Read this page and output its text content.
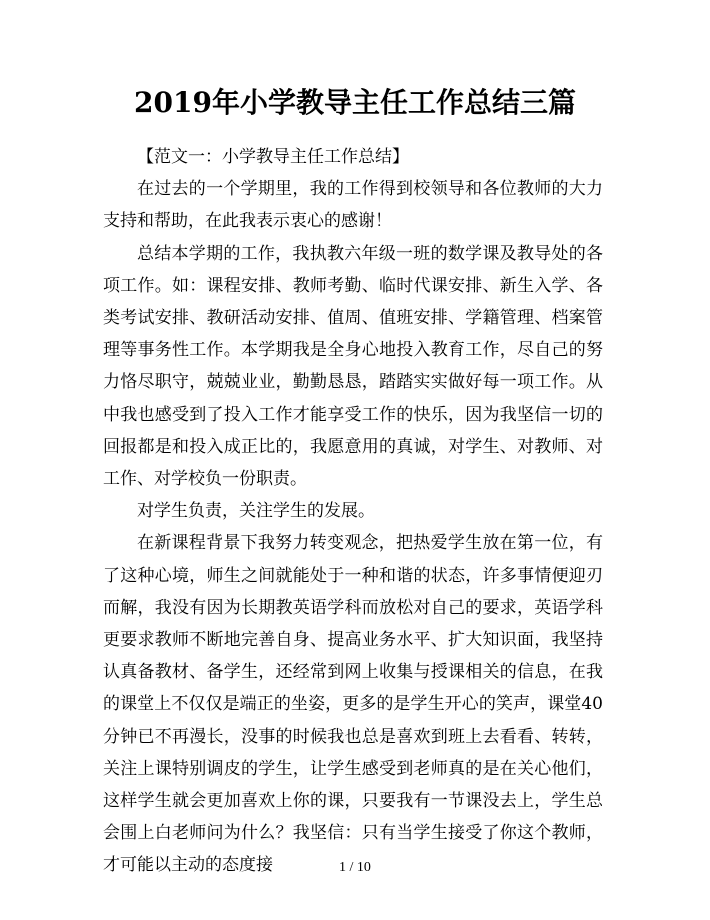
2019年小学教导主任工作总结三篇

【范文一：小学教导主任工作总结】

在过去的一个学期里，我的工作得到校领导和各位教师的大力支持和帮助，在此我表示衷心的感谢！

总结本学期的工作，我执教六年级一班的数学课及教导处的各项工作。如：课程安排、教师考勤、临时代课安排、新生入学、各类考试安排、教研活动安排、值周、值班安排、学籍管理、档案管理等事务性工作。本学期我是全身心地投入教育工作，尽自己的努力恪尽职守，兢兢业业，勤勤恳恳，踏踏实实做好每一项工作。从中我也感受到了投入工作才能享受工作的快乐，因为我坚信一切的回报都是和投入成正比的，我愿意用的真诚，对学生、对教师、对工作、对学校负一份职责。

对学生负责，关注学生的发展。

在新课程背景下我努力转变观念，把热爱学生放在第一位，有了这种心境，师生之间就能处于一种和谐的状态，许多事情便迎刃而解，我没有因为长期教英语学科而放松对自己的要求，英语学科更要求教师不断地完善自身、提高业务水平、扩大知识面，我坚持认真备教材、备学生，还经常到网上收集与授课相关的信息，在我的课堂上不仅仅是端正的坐姿，更多的是学生开心的笑声，课堂40分钟已不再漫长，没事的时候我也总是喜欢到班上去看看、转转，关注上课特别调皮的学生，让学生感受到老师真的是在关心他们，这样学生就会更加喜欢上你的课，只要我有一节课没去上，学生总会围上白老师问为什么？我坚信：只有当学生接受了你这个教师，才可能以主动的态度接	1 / 10
